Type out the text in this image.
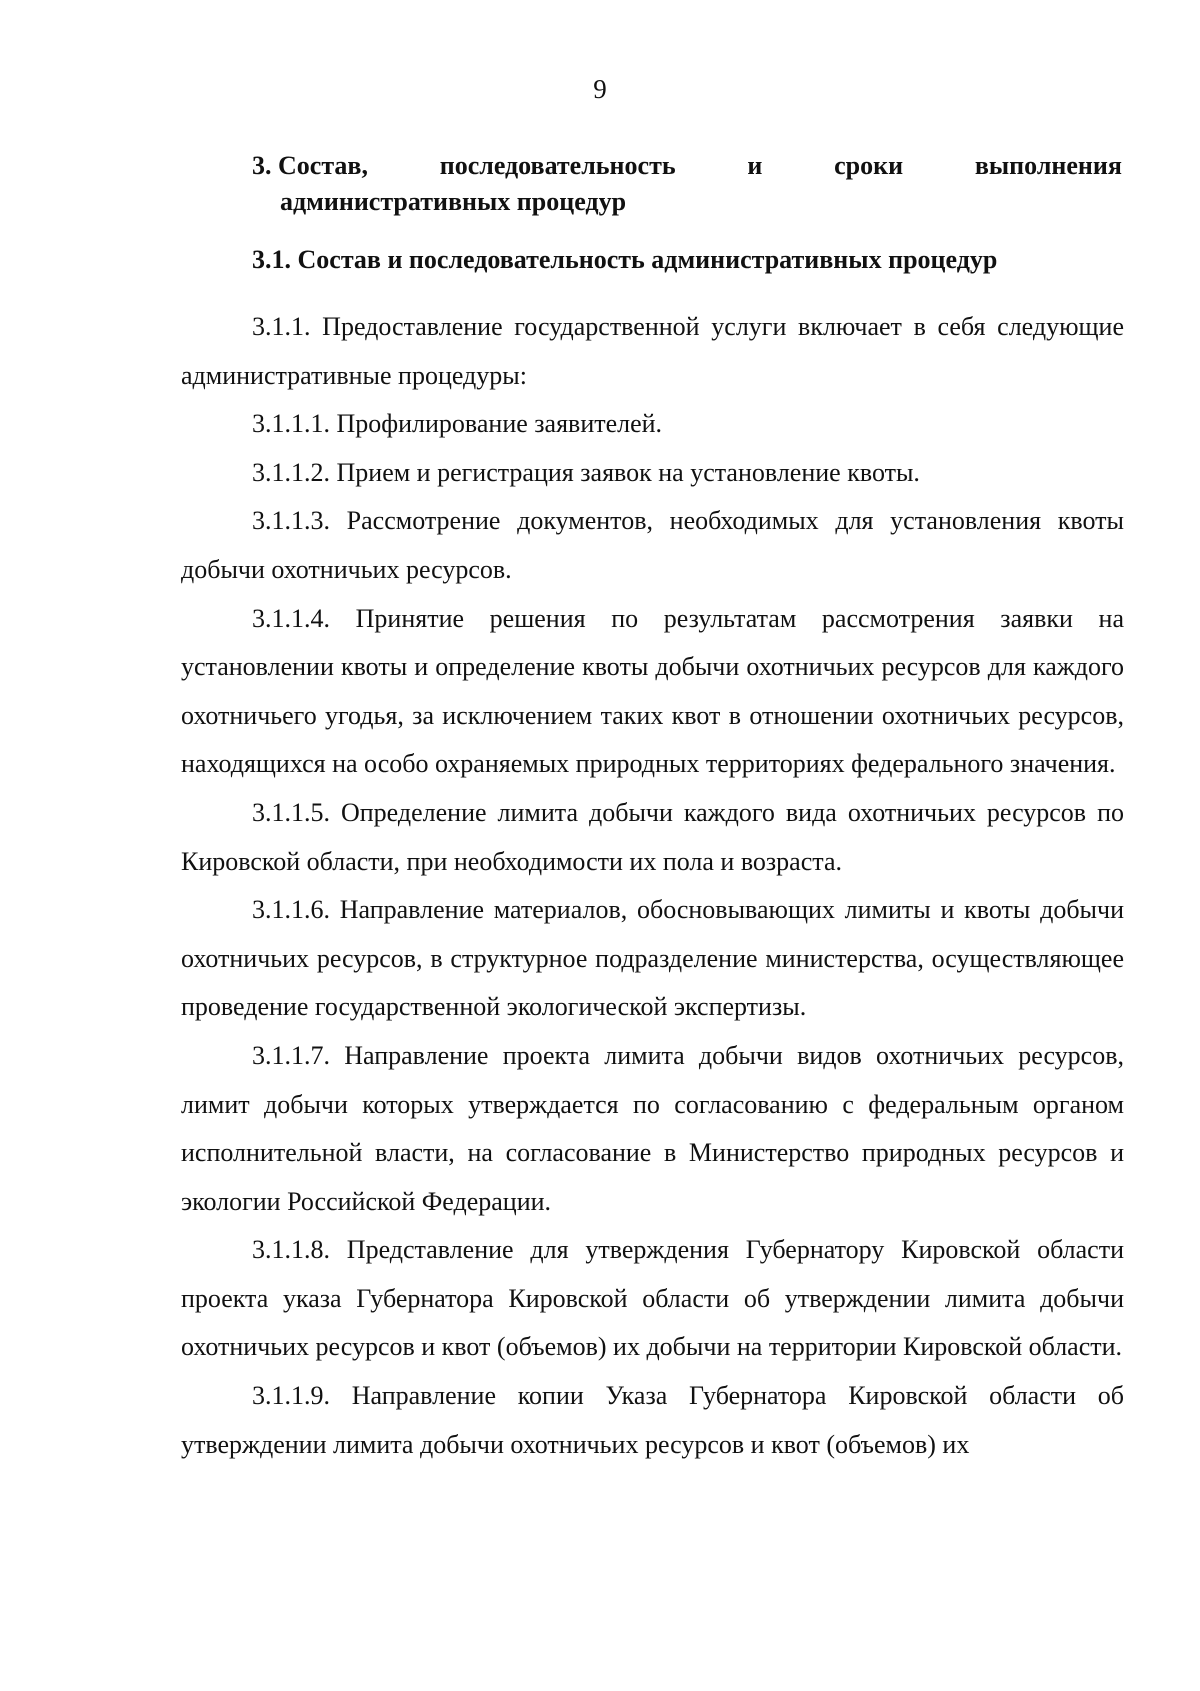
9
3. Состав,	последовательность	и	сроки	выполнения
административных процедур
3.1. Состав и последовательность административных процедур

3.1.1. Предоставление государственной услуги включает в себя следующие административные процедуры:

3.1.1.1. Профилирование заявителей.

3.1.1.2. Прием и регистрация заявок на установление квоты.

3.1.1.3. Рассмотрение документов, необходимых для установления квоты добычи охотничьих ресурсов.

3.1.1.4. Принятие решения по результатам рассмотрения заявки на установлении квоты и определение квоты добычи охотничьих ресурсов для каждого охотничьего угодья, за исключением таких квот в отношении охотничьих ресурсов, находящихся на особо охраняемых природных территориях федерального значения.

3.1.1.5. Определение лимита добычи каждого вида охотничьих ресурсов по Кировской области, при необходимости их пола и возраста.

3.1.1.6. Направление материалов, обосновывающих лимиты и квоты добычи охотничьих ресурсов, в структурное подразделение министерства, осуществляющее проведение государственной экологической экспертизы.

3.1.1.7. Направление проекта лимита добычи видов охотничьих ресурсов, лимит добычи которых утверждается по согласованию с федеральным органом исполнительной власти, на согласование в Министерство природных ресурсов и экологии Российской Федерации.

3.1.1.8. Представление для утверждения Губернатору Кировской области проекта указа Губернатора Кировской области об утверждении лимита добычи охотничьих ресурсов и квот (объемов) их добычи на территории Кировской области.

3.1.1.9. Направление копии Указа Губернатора Кировской области об утверждении лимита добычи охотничьих ресурсов и квот (объемов) их
